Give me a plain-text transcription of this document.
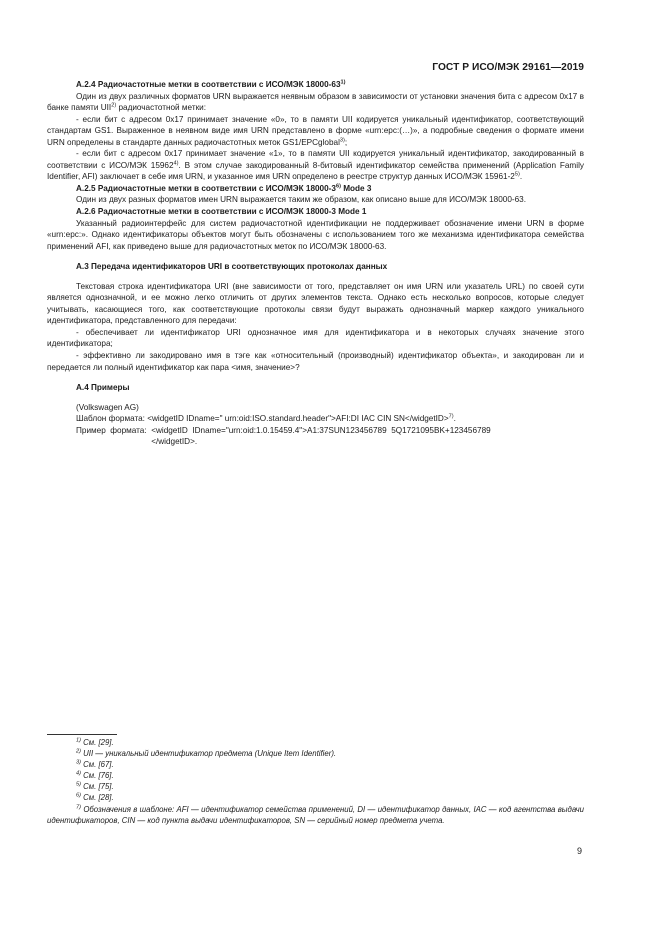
ГОСТ Р ИСО/МЭК 29161—2019

А.2.4 Радиочастотные метки в соответствии с ИСО/МЭК 18000-63$^{1)}$

Один из двух различных форматов URN выражается неявным образом в зависимости от установки значения бита с адресом 0x17 в банке памяти UII$^{2)}$ радиочастотной метки:

- если бит с адресом 0x17 принимает значение «0», то в памяти UII кодируется уникальный идентификатор, соответствующий стандартам GS1. Выраженное в неявном виде имя URN представлено в форме «urn:epc:(…)», а подробные сведения о формате имени URN определены в стандарте данных радиочастотных меток GS1/EPCglobal$^{3)}$;

- если бит с адресом 0x17 принимает значение «1», то в памяти UII кодируется уникальный идентификатор, закодированный в соответствии с ИСО/МЭК 15962$^{4)}$. В этом случае закодированный 8-битовый идентификатор семейства применений (Application Family Identifier, AFI) заключает в себе имя URN, и указанное имя URN определено в реестре структур данных ИСО/МЭК 15961-2$^{5)}$.

А.2.5 Радиочастотные метки в соответствии с ИСО/МЭК 18000-3$^{6)}$ Mode 3

Один из двух разных форматов имен URN выражается таким же образом, как описано выше для ИСО/МЭК 18000-63.

А.2.6 Радиочастотные метки в соответствии с ИСО/МЭК 18000-3 Mode 1

Указанный радиоинтерфейс для систем радиочастотной идентификации не поддерживает обозначение имени URN в форме «urn:epc:». Однако идентификаторы объектов могут быть обозначены с использованием того же механизма идентификатора семейства применений AFI, как приведено выше для радиочастотных меток по ИСО/МЭК 18000-63.

А.3 Передача идентификаторов URI в соответствующих протоколах данных

Текстовая строка идентификатора URI (вне зависимости от того, представляет он имя URN или указатель URL) по своей сути является однозначной, и ее можно легко отличить от других элементов текста. Однако есть несколько вопросов, которые следует учитывать, касающиеся того, как соответствующие протоколы связи будут выражать однозначный маркер каждого уникального идентификатора, представленного для передачи:

- обеспечивает ли идентификатор URI однозначное имя для идентификатора и в некоторых случаях значение этого идентификатора;

- эффективно ли закодировано имя в тэге как «относительный (производный) идентификатор объекта», и закодирован ли и передается ли полный идентификатор как пара <имя, значение>?

А.4 Примеры

(Volkswagen AG)

Шаблон формата: <widgetID IDname=" urn:oid:ISO.standard.header">AFI:DI IAC CIN SN</widgetID>$^{7)}$.
Пример  формата: <widgetID  IDname="urn:oid:1.0.15459.4">A1:37SUN123456789  5Q1721095BK+123456789
</widgetID>.

$^{1)}$ См. [29].

$^{2)}$ UII — уникальный идентификатор предмета (Unique Item Identifier).

$^{3)}$ См. [67].

$^{4)}$ См. [76].

$^{5)}$ См. [75].

$^{6)}$ См. [28].

$^{7)}$ Обозначения в шаблоне: AFI — идентификатор семейства применений, DI — идентификатор данных, IAC — код агентства выдачи идентификаторов, CIN — код пункта выдачи идентификаторов, SN — серийный номер предмета учета.

9
